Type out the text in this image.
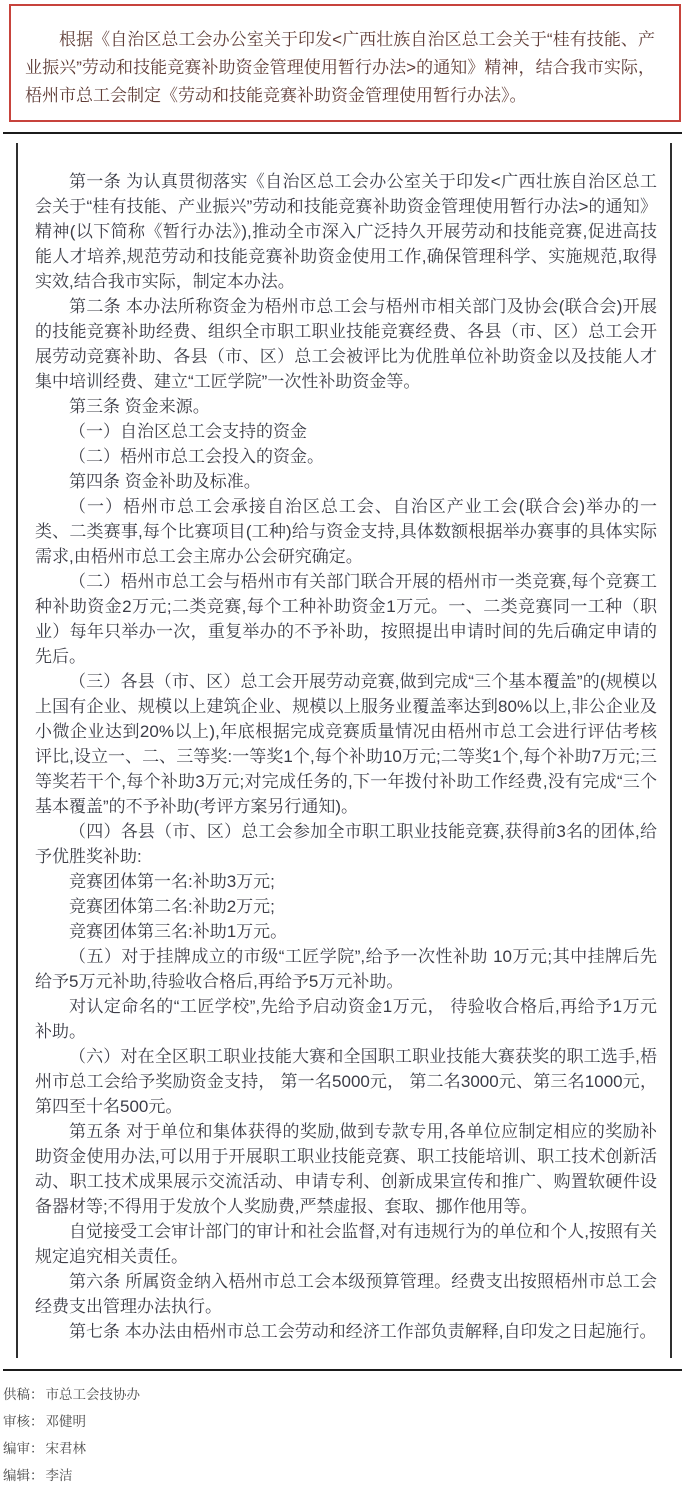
根据《自治区总工会办公室关于印发<广西壮族自治区总工会关于“桂有技能、产业振兴”劳动和技能竞赛补助资金管理使用暂行办法>的通知》精神，结合我市实际，梧州市总工会制定《劳动和技能竞赛补助资金管理使用暂行办法》。

第一条 为认真贯彻落实《自治区总工会办公室关于印发<广西壮族自治区总工会关于“桂有技能、产业振兴”劳动和技能竞赛补助资金管理使用暂行办法>的通知》精神(以下简称《暂行办法》),推动全市深入广泛持久开展劳动和技能竞赛,促进高技能人才培养,规范劳动和技能竞赛补助资金使用工作,确保管理科学、实施规范,取得实效,结合我市实际，制定本办法。

第二条 本办法所称资金为梧州市总工会与梧州市相关部门及协会(联合会)开展的技能竞赛补助经费、组织全市职工职业技能竞赛经费、各县（市、区）总工会开展劳动竞赛补助、各县（市、区）总工会被评比为优胜单位补助资金以及技能人才集中培训经费、建立“工匠学院”一次性补助资金等。

第三条 资金来源。

（一）自治区总工会支持的资金

（二）梧州市总工会投入的资金。

第四条 资金补助及标准。

（一）梧州市总工会承接自治区总工会、自治区产业工会(联合会)举办的一类、二类赛事,每个比赛项目(工种)给与资金支持,具体数额根据举办赛事的具体实际需求,由梧州市总工会主席办公会研究确定。

（二）梧州市总工会与梧州市有关部门联合开展的梧州市一类竞赛,每个竞赛工种补助资金2万元;二类竞赛,每个工种补助资金1万元。一、二类竞赛同一工种（职业）每年只举办一次，重复举办的不予补助，按照提出申请时间的先后确定申请的先后。

（三）各县（市、区）总工会开展劳动竞赛,做到完成“三个基本覆盖”的(规模以上国有企业、规模以上建筑企业、规模以上服务业覆盖率达到80%以上,非公企业及小微企业达到20%以上),年底根据完成竞赛质量情况由梧州市总工会进行评估考核评比,设立一、二、三等奖:一等奖1个,每个补助10万元;二等奖1个,每个补助7万元;三等奖若干个,每个补助3万元;对完成任务的,下一年拨付补助工作经费,没有完成“三个基本覆盖”的不予补助(考评方案另行通知)。

（四）各县（市、区）总工会参加全市职工职业技能竞赛,获得前3名的团体,给予优胜奖补助:

竞赛团体第一名:补助3万元;

竞赛团体第二名:补助2万元;

竞赛团体第三名:补助1万元。

（五）对于挂牌成立的市级“工匠学院”,给予一次性补助 10万元;其中挂牌后先给予5万元补助,待验收合格后,再给予5万元补助。

对认定命名的“工匠学校”,先给予启动资金1万元， 待验收合格后,再给予1万元补助。

（六）对在全区职工职业技能大赛和全国职工职业技能大赛获奖的职工选手,梧州市总工会给予奖励资金支持， 第一名5000元， 第二名3000元、第三名1000元，第四至十名500元。

第五条 对于单位和集体获得的奖励,做到专款专用,各单位应制定相应的奖励补助资金使用办法,可以用于开展职工职业技能竞赛、职工技能培训、职工技术创新活动、职工技术成果展示交流活动、申请专利、创新成果宣传和推广、购置软硬件设备器材等;不得用于发放个人奖励费,严禁虚报、套取、挪作他用等。

自觉接受工会审计部门的审计和社会监督,对有违规行为的单位和个人,按照有关规定追究相关责任。

第六条 所属资金纳入梧州市总工会本级预算管理。经费支出按照梧州市总工会经费支出管理办法执行。

第七条 本办法由梧州市总工会劳动和经济工作部负责解释,自印发之日起施行。

供稿： 市总工会技协办
审核： 邓健明
编审： 宋君林
编辑： 李洁
